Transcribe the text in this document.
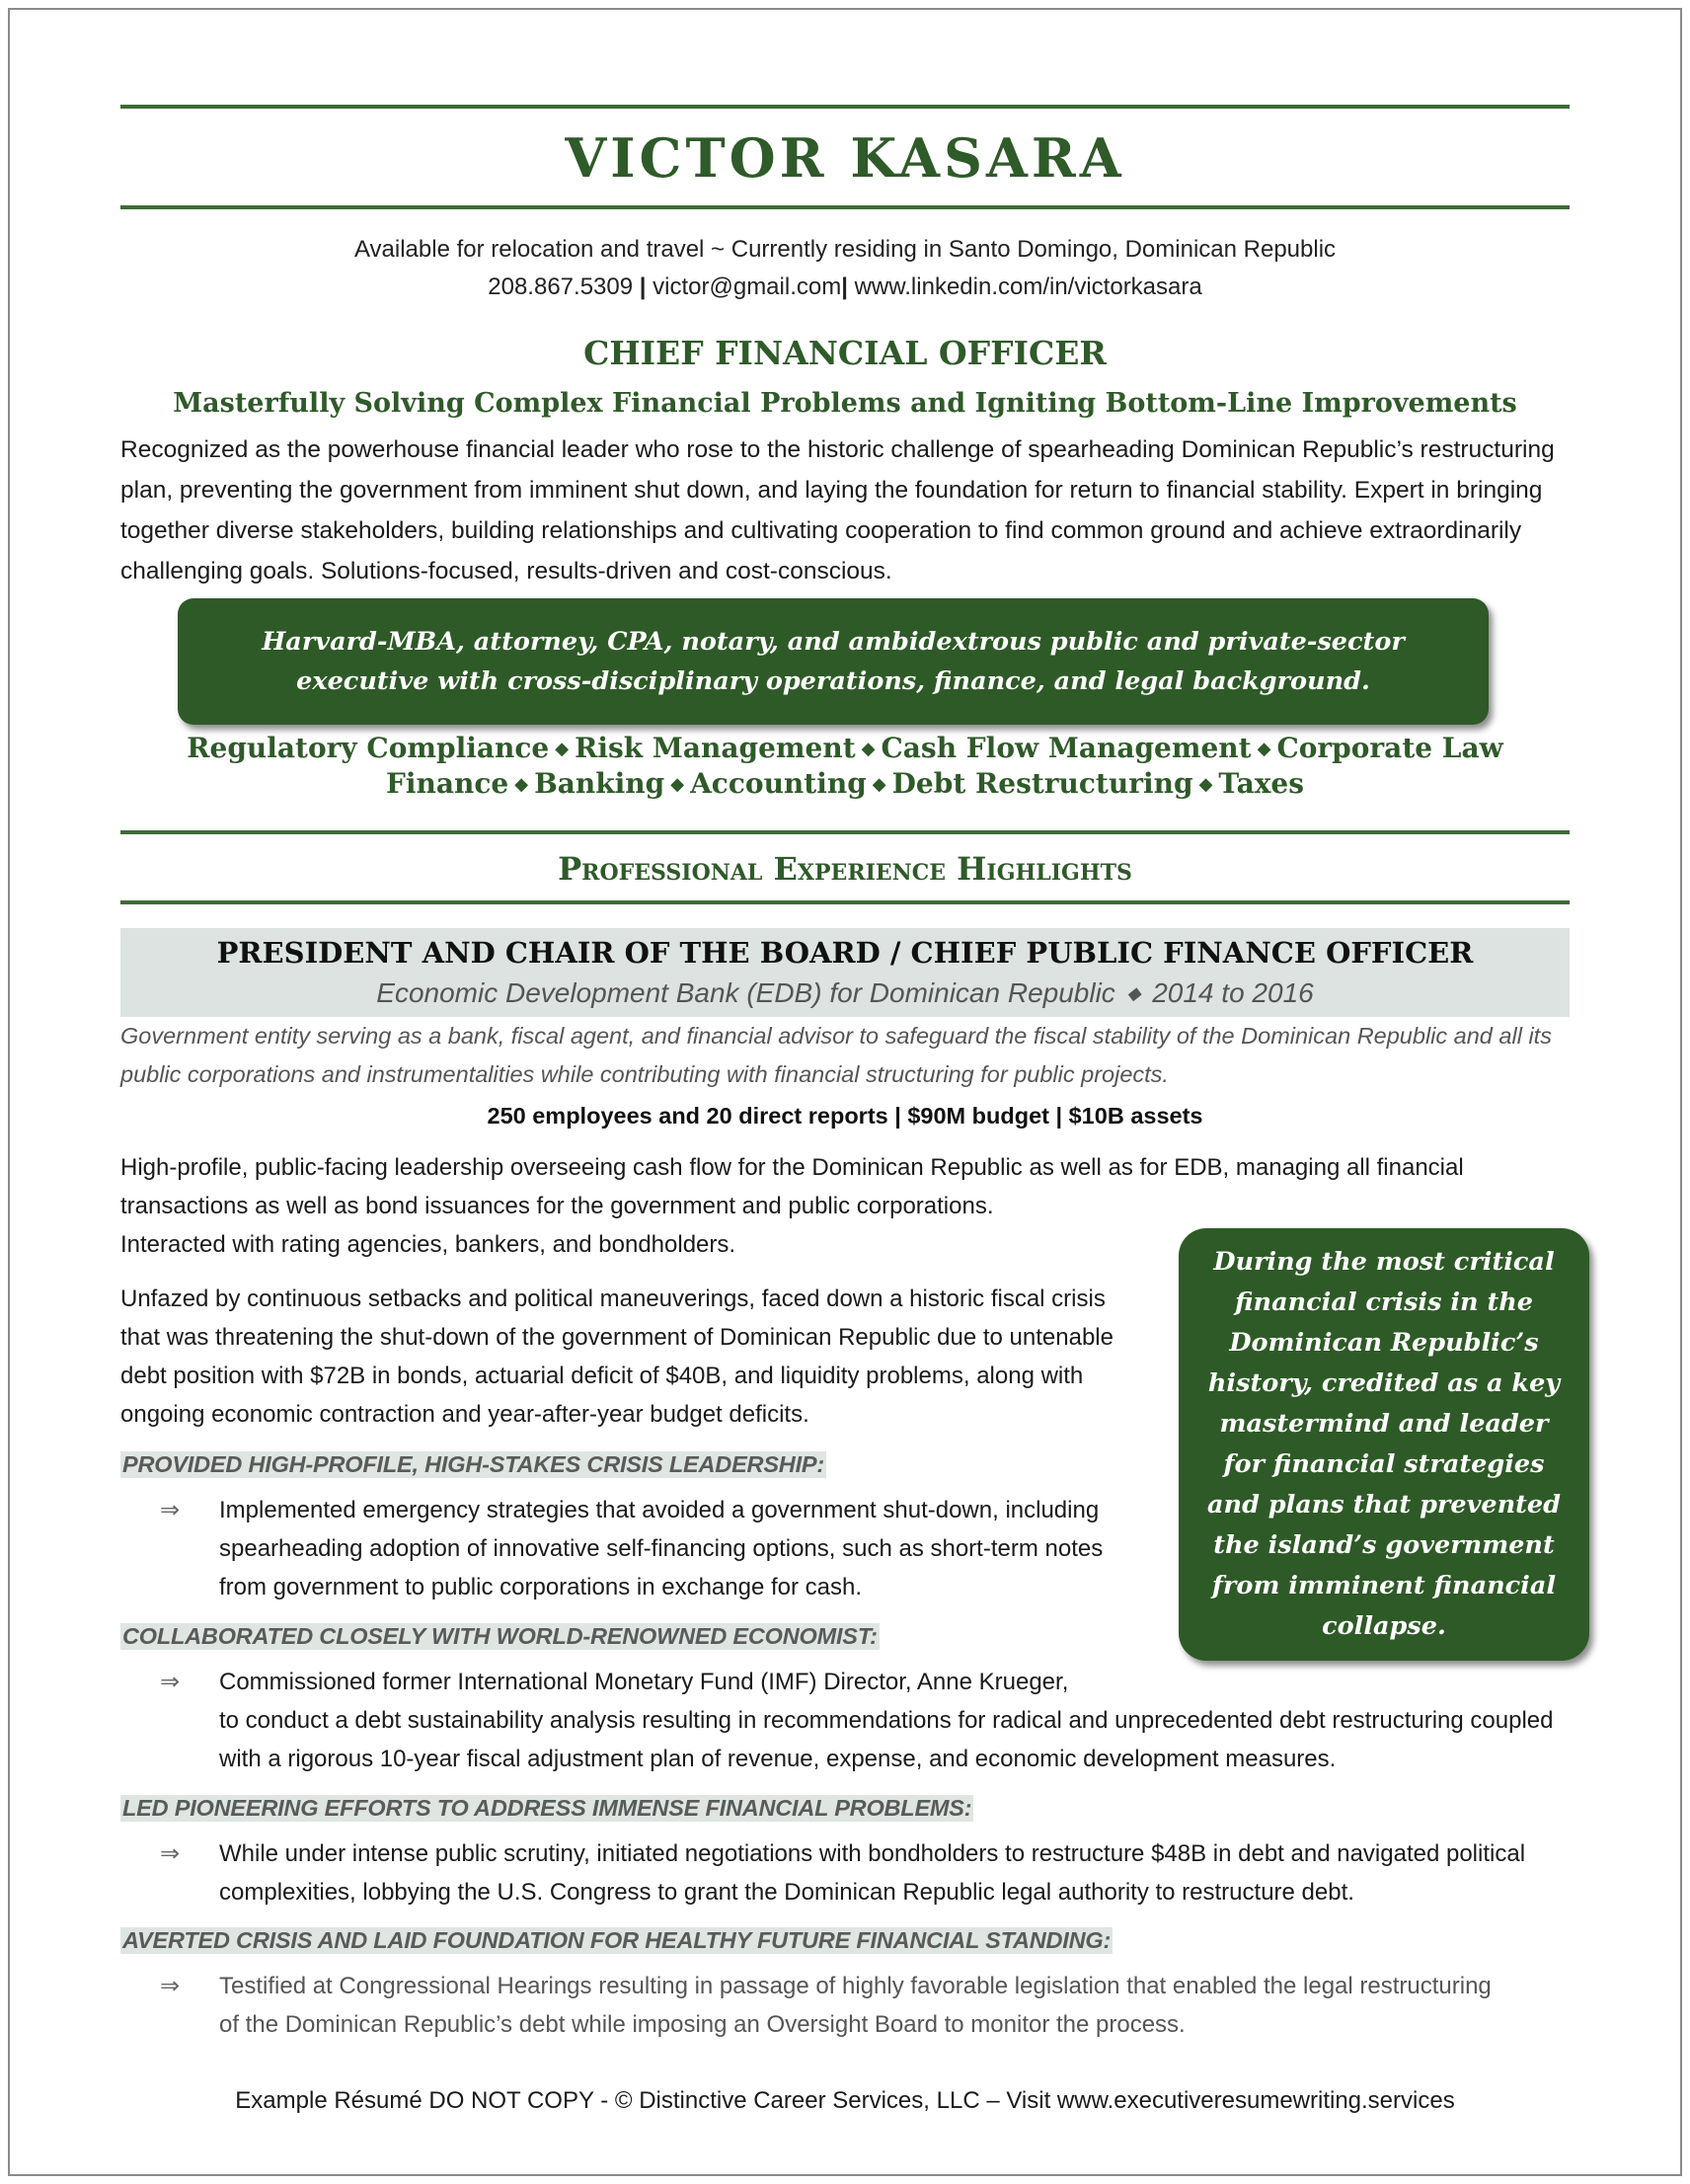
VICTOR KASARA
Available for relocation and travel ~ Currently residing in Santo Domingo, Dominican Republic
208.867.5309 | victor@gmail.com| www.linkedin.com/in/victorkasara
CHIEF FINANCIAL OFFICER
Masterfully Solving Complex Financial Problems and Igniting Bottom-Line Improvements

Recognized as the powerhouse financial leader who rose to the historic challenge of spearheading Dominican Republic’s restructuring plan, preventing the government from imminent shut down, and laying the foundation for return to financial stability. Expert in bringing together diverse stakeholders, building relationships and cultivating cooperation to find common ground and achieve extraordinarily challenging goals. Solutions-focused, results-driven and cost-conscious.

Harvard-MBA, attorney, CPA, notary, and ambidextrous public and private-sector executive with cross-disciplinary operations, finance, and legal background.
Regulatory Compliance ◆ Risk Management ◆ Cash Flow Management ◆ Corporate Law
Finance ◆ Banking ◆ Accounting ◆ Debt Restructuring ◆ Taxes
Professional Experience Highlights
PRESIDENT AND CHAIR OF THE BOARD / CHIEF PUBLIC FINANCE OFFICER
Economic Development Bank (EDB) for Dominican Republic ◆ 2014 to 2016
Government entity serving as a bank, fiscal agent, and financial advisor to safeguard the fiscal stability of the Dominican Republic and all its public corporations and instrumentalities while contributing with financial structuring for public projects.
250 employees and 20 direct reports | $90M budget | $10B assets
High-profile, public-facing leadership overseeing cash flow for the Dominican Republic as well as for EDB, managing all financial
transactions as well as bond issuances for the government and public corporations.
Interacted with rating agencies, bankers, and bondholders.
Unfazed by continuous setbacks and political maneuverings, faced down a historic fiscal crisis that was threatening the shut-down of the government of Dominican Republic due to untenable debt position with $72B in bonds, actuarial deficit of $40B, and liquidity problems, along with ongoing economic contraction and year-after-year budget deficits.
During the most critical financial crisis in the Dominican Republic’s history, credited as a key mastermind and leader for financial strategies and plans that prevented the island’s government from imminent financial collapse.
PROVIDED HIGH-PROFILE, HIGH-STAKES CRISIS LEADERSHIP:
⇒	Implemented emergency strategies that avoided a government shut-down, including spearheading adoption of innovative self-financing options, such as short-term notes from government to public corporations in exchange for cash.
COLLABORATED CLOSELY WITH WORLD-RENOWNED ECONOMIST:
⇒	Commissioned former International Monetary Fund (IMF) Director, Anne Krueger,
to conduct a debt sustainability analysis resulting in recommendations for radical and unprecedented debt restructuring coupled with a rigorous 10-year fiscal adjustment plan of revenue, expense, and economic development measures.
LED PIONEERING EFFORTS TO ADDRESS IMMENSE FINANCIAL PROBLEMS:
⇒	While under intense public scrutiny, initiated negotiations with bondholders to restructure $48B in debt and navigated political complexities, lobbying the U.S. Congress to grant the Dominican Republic legal authority to restructure debt.
AVERTED CRISIS AND LAID FOUNDATION FOR HEALTHY FUTURE FINANCIAL STANDING:
⇒	Testified at Congressional Hearings resulting in passage of highly favorable legislation that enabled the legal restructuring of the Dominican Republic’s debt while imposing an Oversight Board to monitor the process.
Example Résumé DO NOT COPY - © Distinctive Career Services, LLC – Visit www.executiveresumewriting.services
